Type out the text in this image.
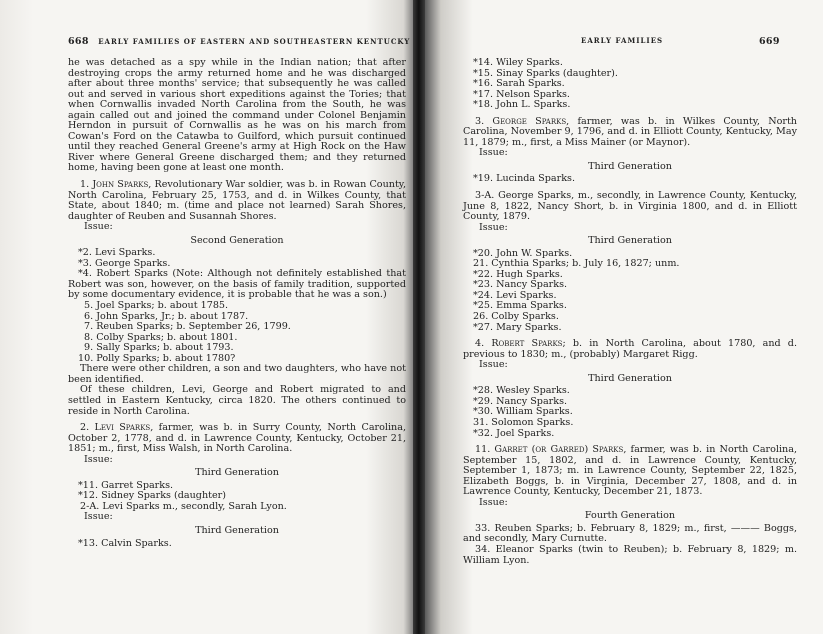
668 EARLY FAMILIES OF EASTERN AND SOUTHEASTERN KENTUCKY

he was detached as a spy while in the Indian nation; that after destroying crops the army returned home and he was discharged after about three months' service; that subsequently he was called out and served in various short expeditions against the Tories; that when Cornwallis invaded North Carolina from the South, he was again called out and joined the command under Colonel Benjamin Herndon in pursuit of Cornwallis as he was on his march from Cowan's Ford on the Catawba to Guilford, which pursuit continued until they reached General Greene's army at High Rock on the Haw River where General Greene discharged them; and they returned home, having been gone at least one month.

1. John Sparks, Revolutionary War soldier, was b. in Rowan County, North Carolina, February 25, 1753, and d. in Wilkes County, that State, about 1840; m. (time and place not learned) Sarah Shores, daughter of Reuben and Susannah Shores.

Issue:
Second Generation
*2. Levi Sparks.
*3. George Sparks.

*4. Robert Sparks (Note: Although not definitely established that Robert was son, however, on the basis of family tradition, supported by some documentary evidence, it is probable that he was a son.)

5. Joel Sparks; b. about 1785.
6. John Sparks, Jr.; b. about 1787.
7. Reuben Sparks; b. September 26, 1799.
8. Colby Sparks; b. about 1801.
9. Sally Sparks; b. about 1793.
10. Polly Sparks; b. about 1780?

There were other children, a son and two daughters, who have not been identified.

Of these children, Levi, George and Robert migrated to and settled in Eastern Kentucky, circa 1820. The others continued to reside in North Carolina.

2. Levi Sparks, farmer, was b. in Surry County, North Carolina, October 2, 1778, and d. in Lawrence County, Kentucky, October 21, 1851; m., first, Miss Walsh, in North Carolina.

Issue:
Third Generation
*11. Garret Sparks.
*12. Sidney Sparks (daughter)
2-A. Levi Sparks m., secondly, Sarah Lyon.
Issue:
Third Generation
*13. Calvin Sparks.
EARLY FAMILIES	669
*14. Wiley Sparks.
*15. Sinay Sparks (daughter).
*16. Sarah Sparks.
*17. Nelson Sparks.
*18. John L. Sparks.

3. George Sparks, farmer, was b. in Wilkes County, North Carolina, November 9, 1796, and d. in Elliott County, Kentucky, May 11, 1879; m., first, a Miss Mainer (or Maynor).

Issue:
Third Generation
*19. Lucinda Sparks.

3-A. George Sparks, m., secondly, in Lawrence County, Kentucky, June 8, 1822, Nancy Short, b. in Virginia 1800, and d. in Elliott County, 1879.

Issue:
Third Generation
*20. John W. Sparks.
21. Cynthia Sparks; b. July 16, 1827; unm.
*22. Hugh Sparks.
*23. Nancy Sparks.
*24. Levi Sparks.
*25. Emma Sparks.
26. Colby Sparks.
*27. Mary Sparks.

4. Robert Sparks; b. in North Carolina, about 1780, and d. previous to 1830; m., (probably) Margaret Rigg.

Issue:
Third Generation
*28. Wesley Sparks.
*29. Nancy Sparks.
*30. William Sparks.
31. Solomon Sparks.
*32. Joel Sparks.

11. Garret (or Garred) Sparks, farmer, was b. in North Carolina, September 15, 1802, and d. in Lawrence County, Kentucky, September 1, 1873; m. in Lawrence County, September 22, 1825, Elizabeth Boggs, b. in Virginia, December 27, 1808, and d. in Lawrence County, Kentucky, December 21, 1873.

Issue:
Fourth Generation

33. Reuben Sparks; b. February 8, 1829; m., first, ——— Boggs, and secondly, Mary Curnutte.

34. Eleanor Sparks (twin to Reuben); b. February 8, 1829; m. William Lyon.
